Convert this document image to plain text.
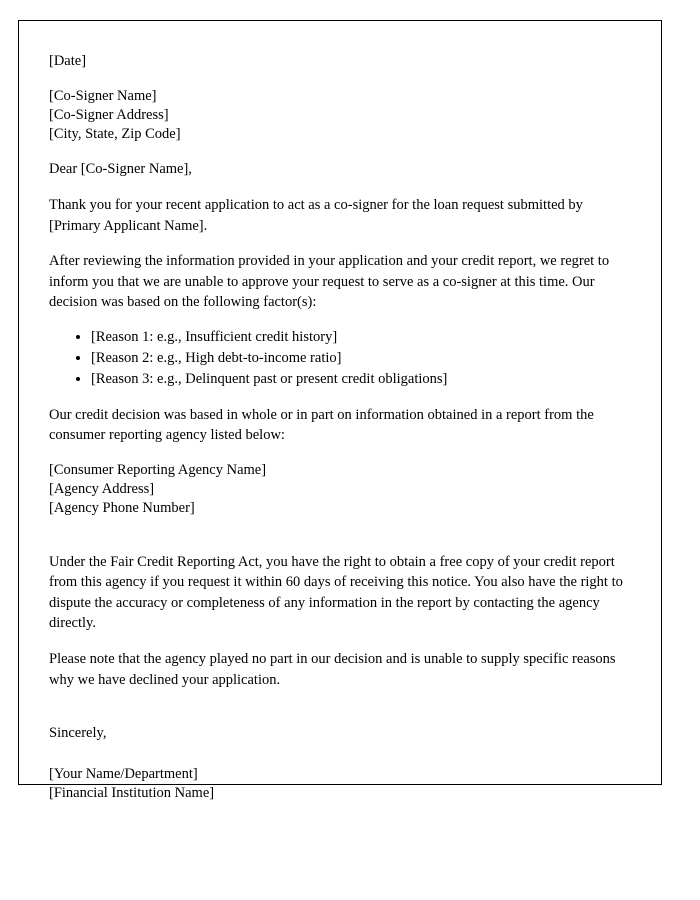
[Date]
[Co-Signer Name]
[Co-Signer Address]
[City, State, Zip Code]
Dear [Co-Signer Name],
Thank you for your recent application to act as a co-signer for the loan request submitted by [Primary Applicant Name].
After reviewing the information provided in your application and your credit report, we regret to inform you that we are unable to approve your request to serve as a co-signer at this time. Our decision was based on the following factor(s):
• [Reason 1: e.g., Insufficient credit history]
• [Reason 2: e.g., High debt-to-income ratio]
• [Reason 3: e.g., Delinquent past or present credit obligations]
Our credit decision was based in whole or in part on information obtained in a report from the consumer reporting agency listed below:
[Consumer Reporting Agency Name]
[Agency Address]
[Agency Phone Number]
Under the Fair Credit Reporting Act, you have the right to obtain a free copy of your credit report from this agency if you request it within 60 days of receiving this notice. You also have the right to dispute the accuracy or completeness of any information in the report by contacting the agency directly.
Please note that the agency played no part in our decision and is unable to supply specific reasons why we have declined your application.
Sincerely,
[Your Name/Department]
[Financial Institution Name]
